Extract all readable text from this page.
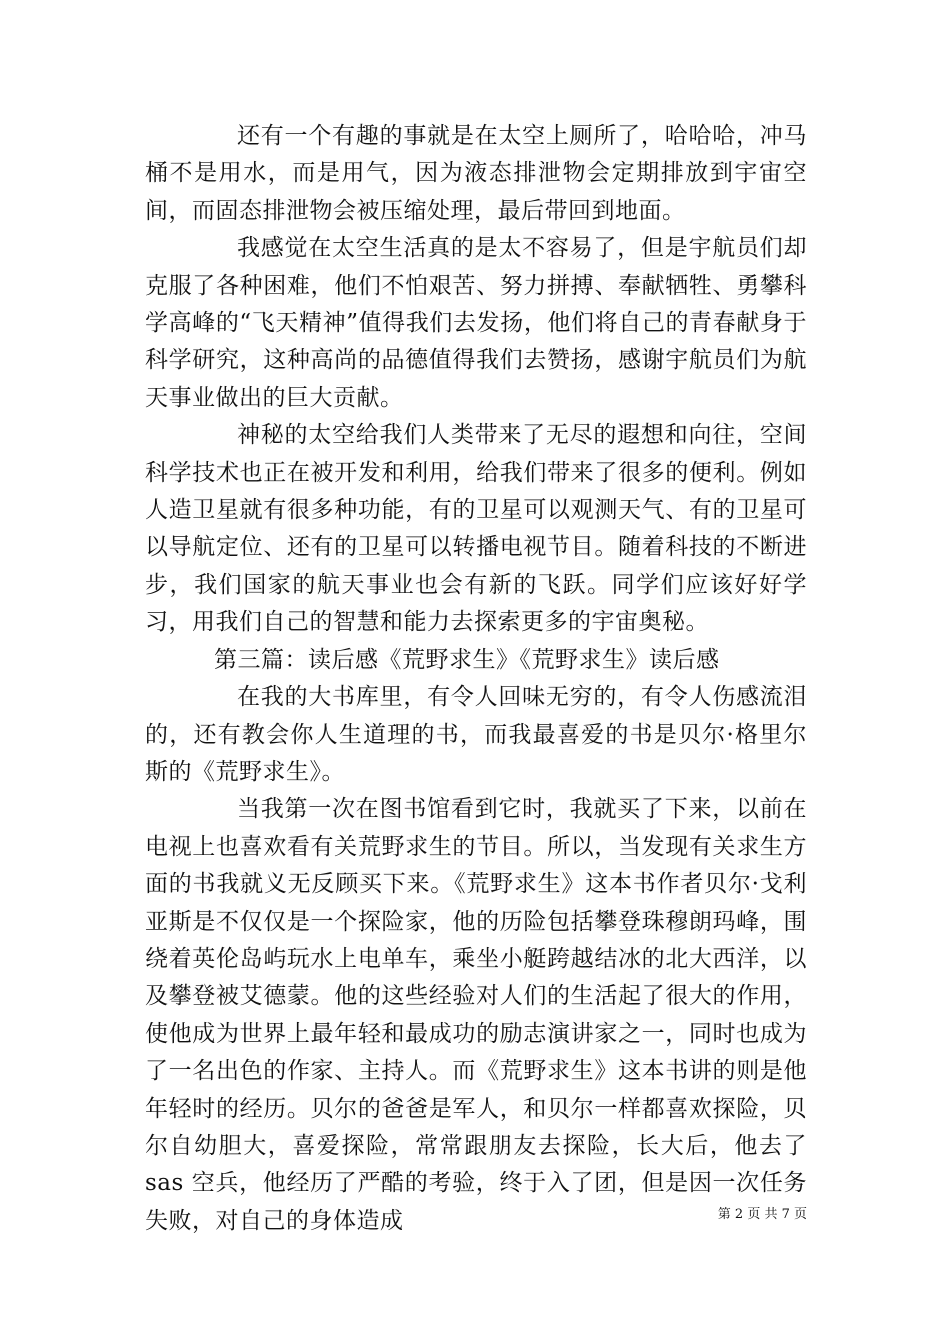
还有一个有趣的事就是在太空上厕所了，哈哈哈，冲马桶不是用水，而是用气，因为液态排泄物会定期排放到宇宙空间，而固态排泄物会被压缩处理，最后带回到地面。

我感觉在太空生活真的是太不容易了，但是宇航员们却克服了各种困难，他们不怕艰苦、努力拼搏、奉献牺牲、勇攀科学高峰的“飞天精神”值得我们去发扬，他们将自己的青春献身于科学研究，这种高尚的品德值得我们去赞扬，感谢宇航员们为航天事业做出的巨大贡献。

神秘的太空给我们人类带来了无尽的遐想和向往，空间科学技术也正在被开发和利用，给我们带来了很多的便利。例如人造卫星就有很多种功能，有的卫星可以观测天气、有的卫星可以导航定位、还有的卫星可以转播电视节目。随着科技的不断进步，我们国家的航天事业也会有新的飞跃。同学们应该好好学习，用我们自己的智慧和能力去探索更多的宇宙奥秘。

第三篇：读后感《荒野求生》《荒野求生》读后感

在我的大书库里，有令人回味无穷的，有令人伤感流泪的，还有教会你人生道理的书，而我最喜爱的书是贝尔·格里尔斯的《荒野求生》。

当我第一次在图书馆看到它时，我就买了下来，以前在电视上也喜欢看有关荒野求生的节目。所以，当发现有关求生方面的书我就义无反顾买下来。《荒野求生》这本书作者贝尔·戈利亚斯是不仅仅是一个探险家，他的历险包括攀登珠穆朗玛峰，围绕着英伦岛屿玩水上电单车，乘坐小艇跨越结冰的北大西洋，以及攀登被艾德蒙。他的这些经验对人们的生活起了很大的作用，使他成为世界上最年轻和最成功的励志演讲家之一，同时也成为了一名出色的作家、主持人。而《荒野求生》这本书讲的则是他年轻时的经历。贝尔的爸爸是军人，和贝尔一样都喜欢探险，贝尔自幼胆大，喜爱探险，常常跟朋友去探险，长大后，他去了 sas 空兵，他经历了严酷的考验，终于入了团，但是因一次任务失败，对自己的身体造成	第 2 页 共 7 页
